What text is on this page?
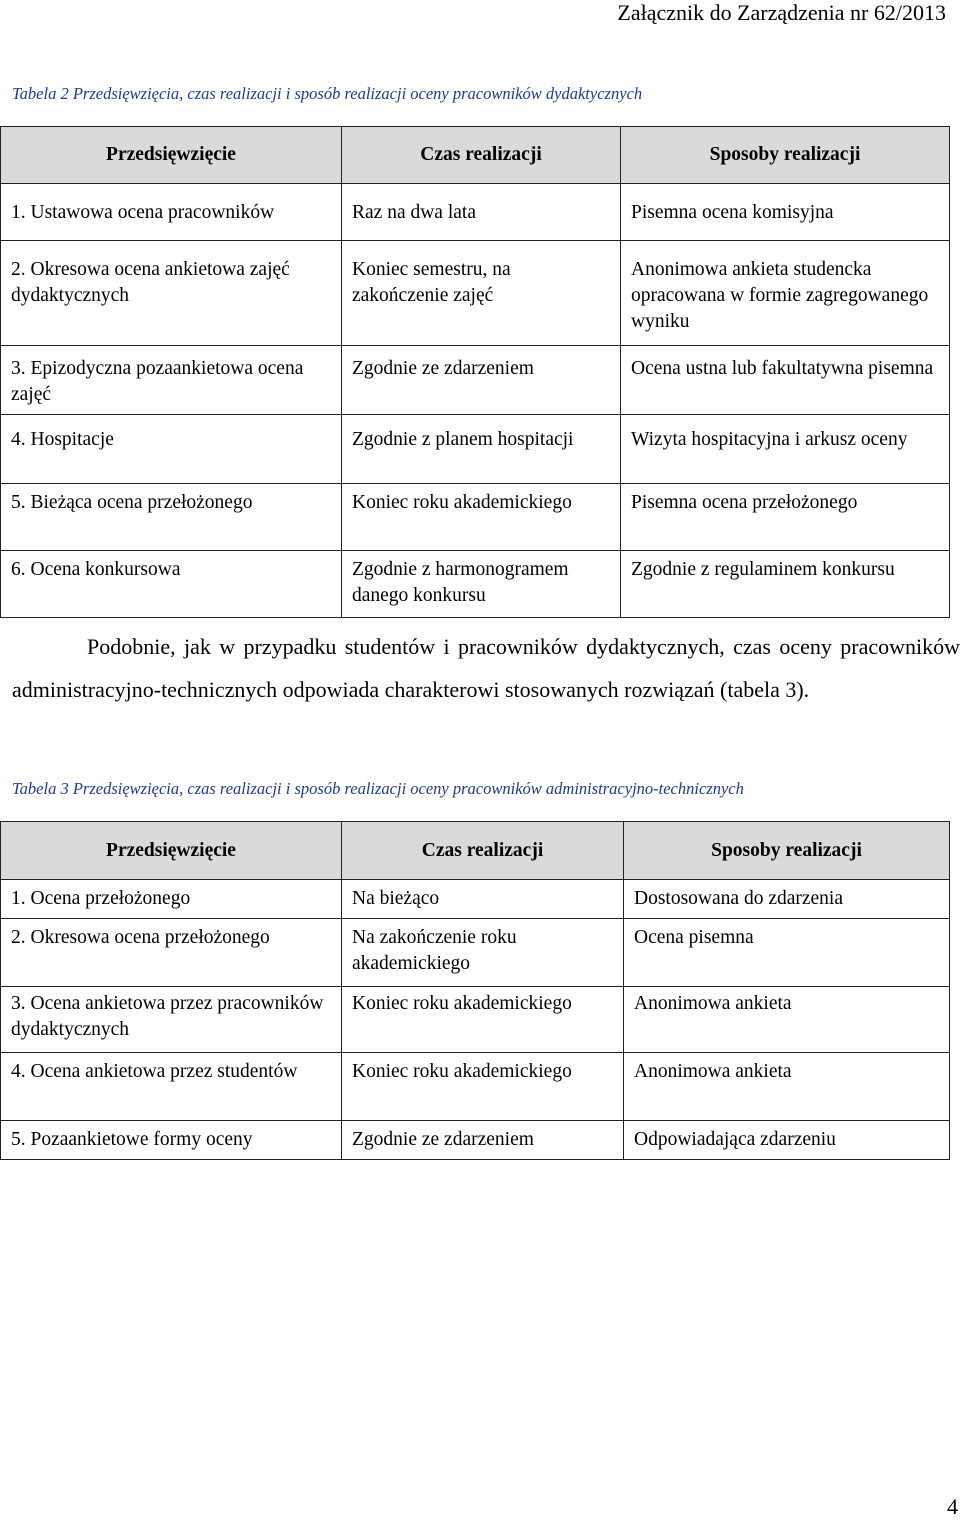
Załącznik do Zarządzenia nr 62/2013
Tabela 2 Przedsięwzięcia, czas realizacji i sposób realizacji oceny pracowników dydaktycznych
Przedsięwzięcie	Czas realizacji	Sposoby realizacji
1. Ustawowa ocena pracowników	Raz na dwa lata	Pisemna ocena komisyjna
2. Okresowa ocena ankietowa zajęć dydaktycznych	Koniec semestru, na zakończenie zajęć	Anonimowa ankieta studencka opracowana w formie zagregowanego wyniku
3. Epizodyczna pozaankietowa ocena zajęć	Zgodnie ze zdarzeniem	Ocena ustna lub fakultatywna pisemna
4. Hospitacje	Zgodnie z planem hospitacji	Wizyta hospitacyjna i arkusz oceny
5. Bieżąca ocena przełożonego	Koniec roku akademickiego	Pisemna ocena przełożonego
6. Ocena konkursowa	Zgodnie z harmonogramem danego konkursu	Zgodnie z regulaminem konkursu
Podobnie, jak w przypadku studentów i pracowników dydaktycznych, czas oceny pracowników administracyjno-technicznych odpowiada charakterowi stosowanych rozwiązań (tabela 3).
Tabela 3 Przedsięwzięcia, czas realizacji i sposób realizacji oceny pracowników administracyjno-technicznych
Przedsięwzięcie	Czas realizacji	Sposoby realizacji
1. Ocena przełożonego	Na bieżąco	Dostosowana do zdarzenia
2. Okresowa ocena przełożonego	Na zakończenie roku akademickiego	Ocena pisemna
3. Ocena ankietowa przez pracowników dydaktycznych	Koniec roku akademickiego	Anonimowa ankieta
4. Ocena ankietowa przez studentów	Koniec roku akademickiego	Anonimowa ankieta
5. Pozaankietowe formy oceny	Zgodnie ze zdarzeniem	Odpowiadająca zdarzeniu
4
